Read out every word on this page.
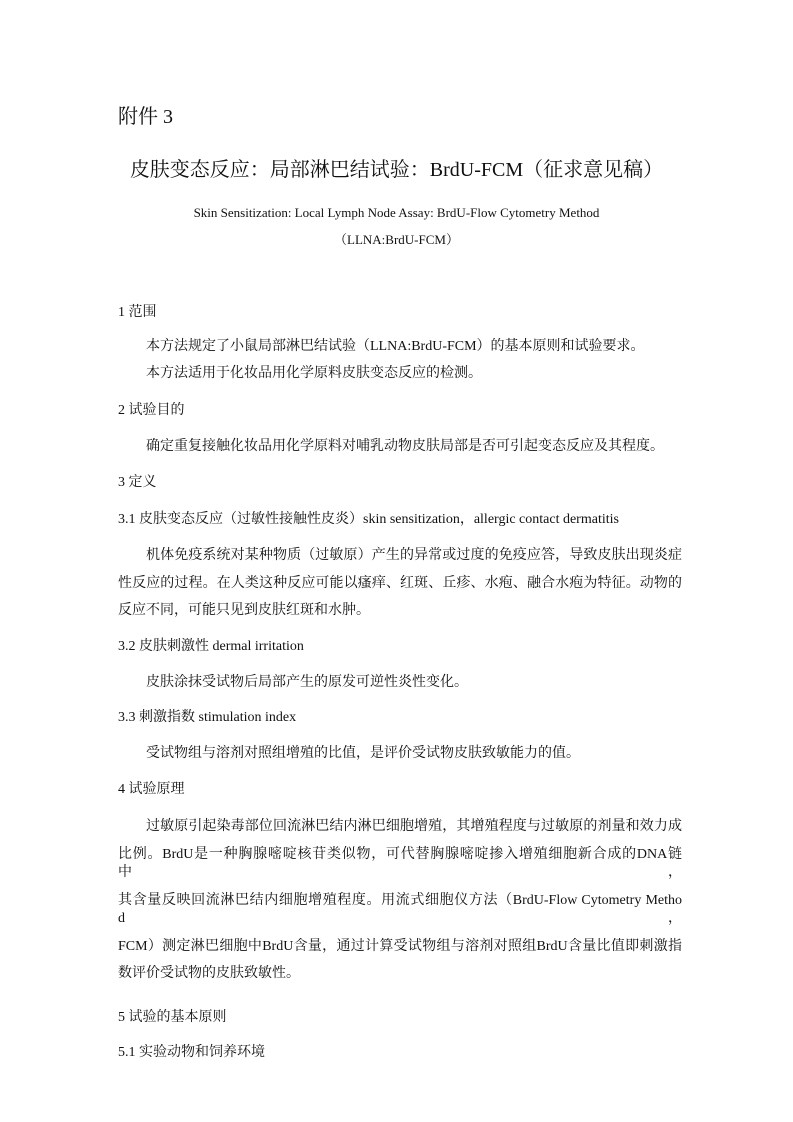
附件 3
皮肤变态反应：局部淋巴结试验：BrdU-FCM（征求意见稿）
Skin Sensitization: Local Lymph Node Assay: BrdU-Flow Cytometry Method
（LLNA:BrdU-FCM）
1 范围
本方法规定了小鼠局部淋巴结试验（LLNA:BrdU-FCM）的基本原则和试验要求。
本方法适用于化妆品用化学原料皮肤变态反应的检测。
2 试验目的
确定重复接触化妆品用化学原料对哺乳动物皮肤局部是否可引起变态反应及其程度。
3 定义
3.1 皮肤变态反应（过敏性接触性皮炎）skin sensitization，allergic contact dermatitis
机体免疫系统对某种物质（过敏原）产生的异常或过度的免疫应答，导致皮肤出现炎症
性反应的过程。在人类这种反应可能以瘙痒、红斑、丘疹、水疱、融合水疱为特征。动物的
反应不同，可能只见到皮肤红斑和水肿。
3.2 皮肤刺激性 dermal irritation
皮肤涂抹受试物后局部产生的原发可逆性炎性变化。
3.3 刺激指数 stimulation index
受试物组与溶剂对照组增殖的比值，是评价受试物皮肤致敏能力的值。
4 试验原理
过敏原引起染毒部位回流淋巴结内淋巴细胞增殖，其增殖程度与过敏原的剂量和效力成
比例。BrdU是一种胸腺嘧啶核苷类似物，可代替胸腺嘧啶掺入增殖细胞新合成的DNA链中，
其含量反映回流淋巴结内细胞增殖程度。用流式细胞仪方法（BrdU-Flow Cytometry Method，
FCM）测定淋巴细胞中BrdU含量，通过计算受试物组与溶剂对照组BrdU含量比值即刺激指
数评价受试物的皮肤致敏性。
5 试验的基本原则
5.1 实验动物和饲养环境
